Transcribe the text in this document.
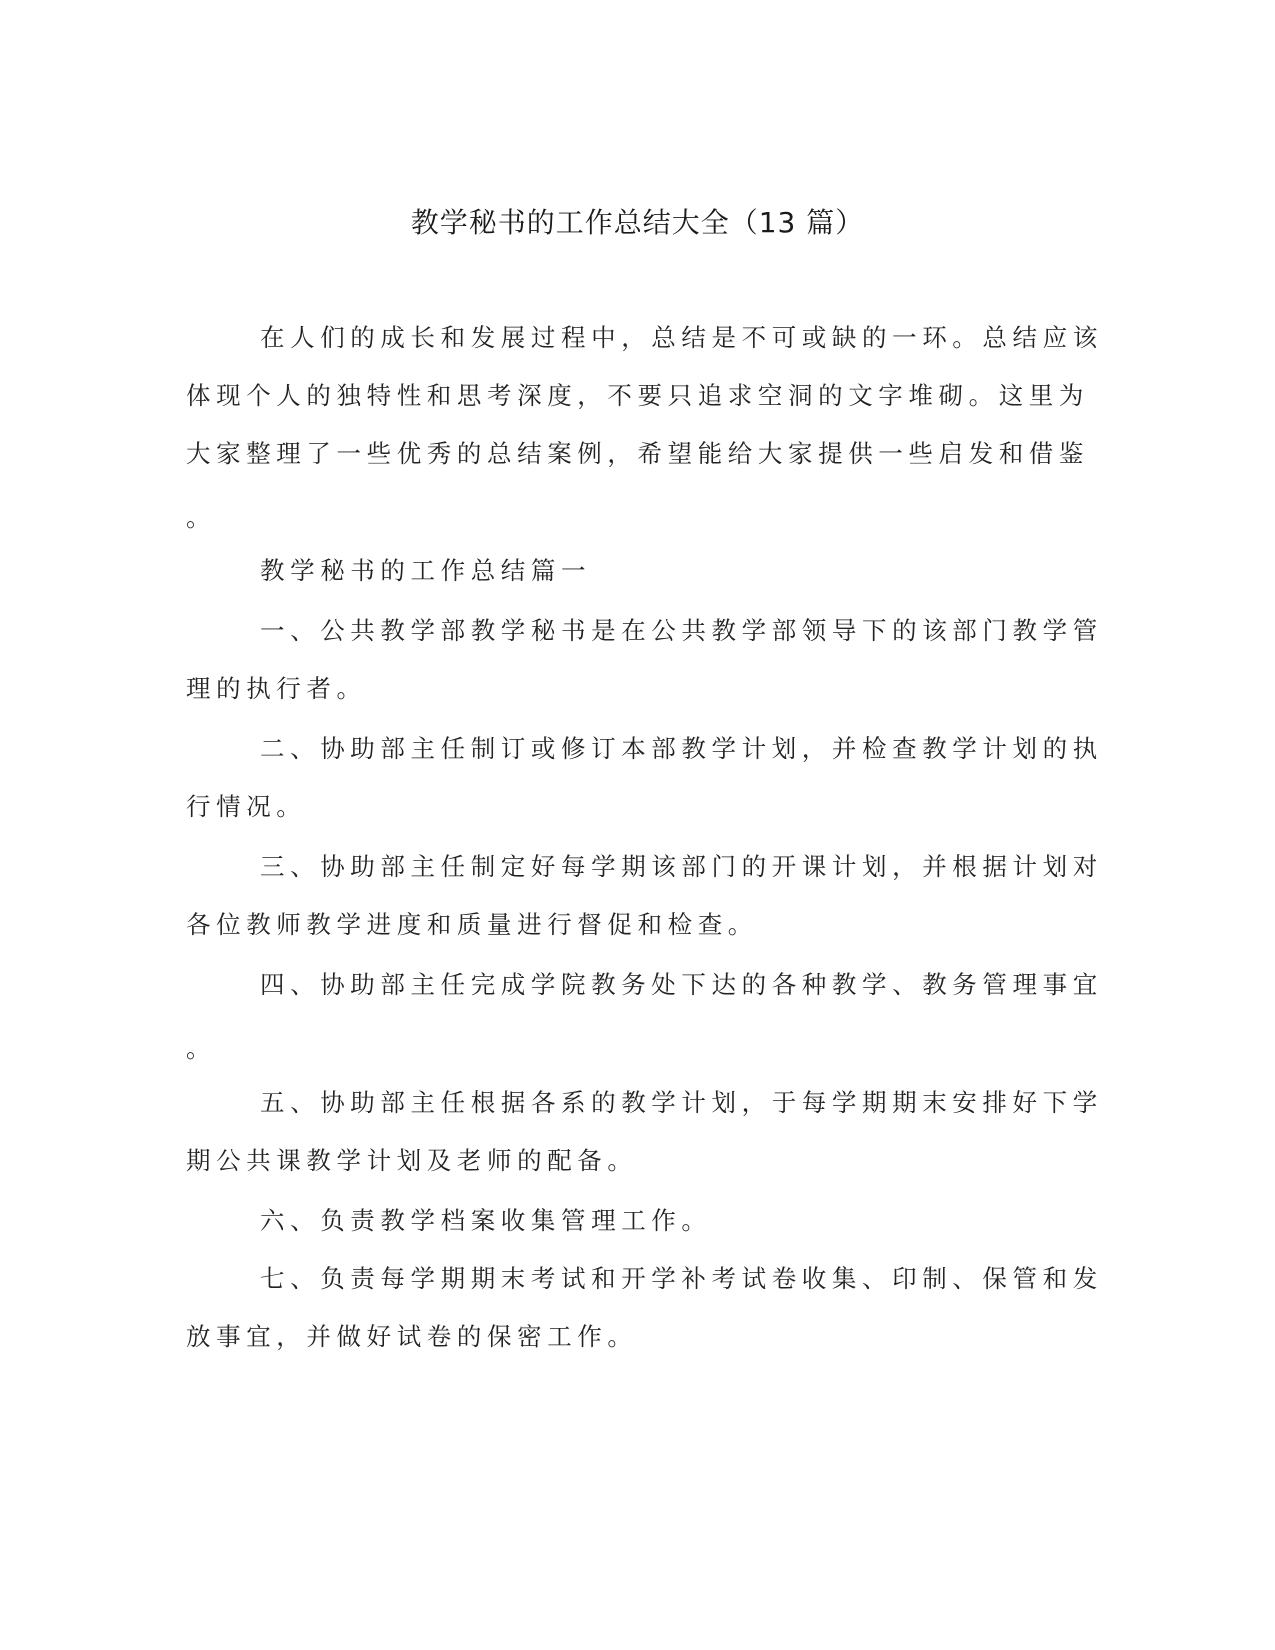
教学秘书的工作总结大全（13 篇）
在人们的成长和发展过程中，总结是不可或缺的一环。总结应该
体现个人的独特性和思考深度，不要只追求空洞的文字堆砌。这里为
大家整理了一些优秀的总结案例，希望能给大家提供一些启发和借鉴
。
教学秘书的工作总结篇一
一、公共教学部教学秘书是在公共教学部领导下的该部门教学管
理的执行者。
二、协助部主任制订或修订本部教学计划，并检查教学计划的执
行情况。
三、协助部主任制定好每学期该部门的开课计划，并根据计划对
各位教师教学进度和质量进行督促和检查。
四、协助部主任完成学院教务处下达的各种教学、教务管理事宜
。
五、协助部主任根据各系的教学计划，于每学期期末安排好下学
期公共课教学计划及老师的配备。
六、负责教学档案收集管理工作。
七、负责每学期期末考试和开学补考试卷收集、印制、保管和发
放事宜，并做好试卷的保密工作。
